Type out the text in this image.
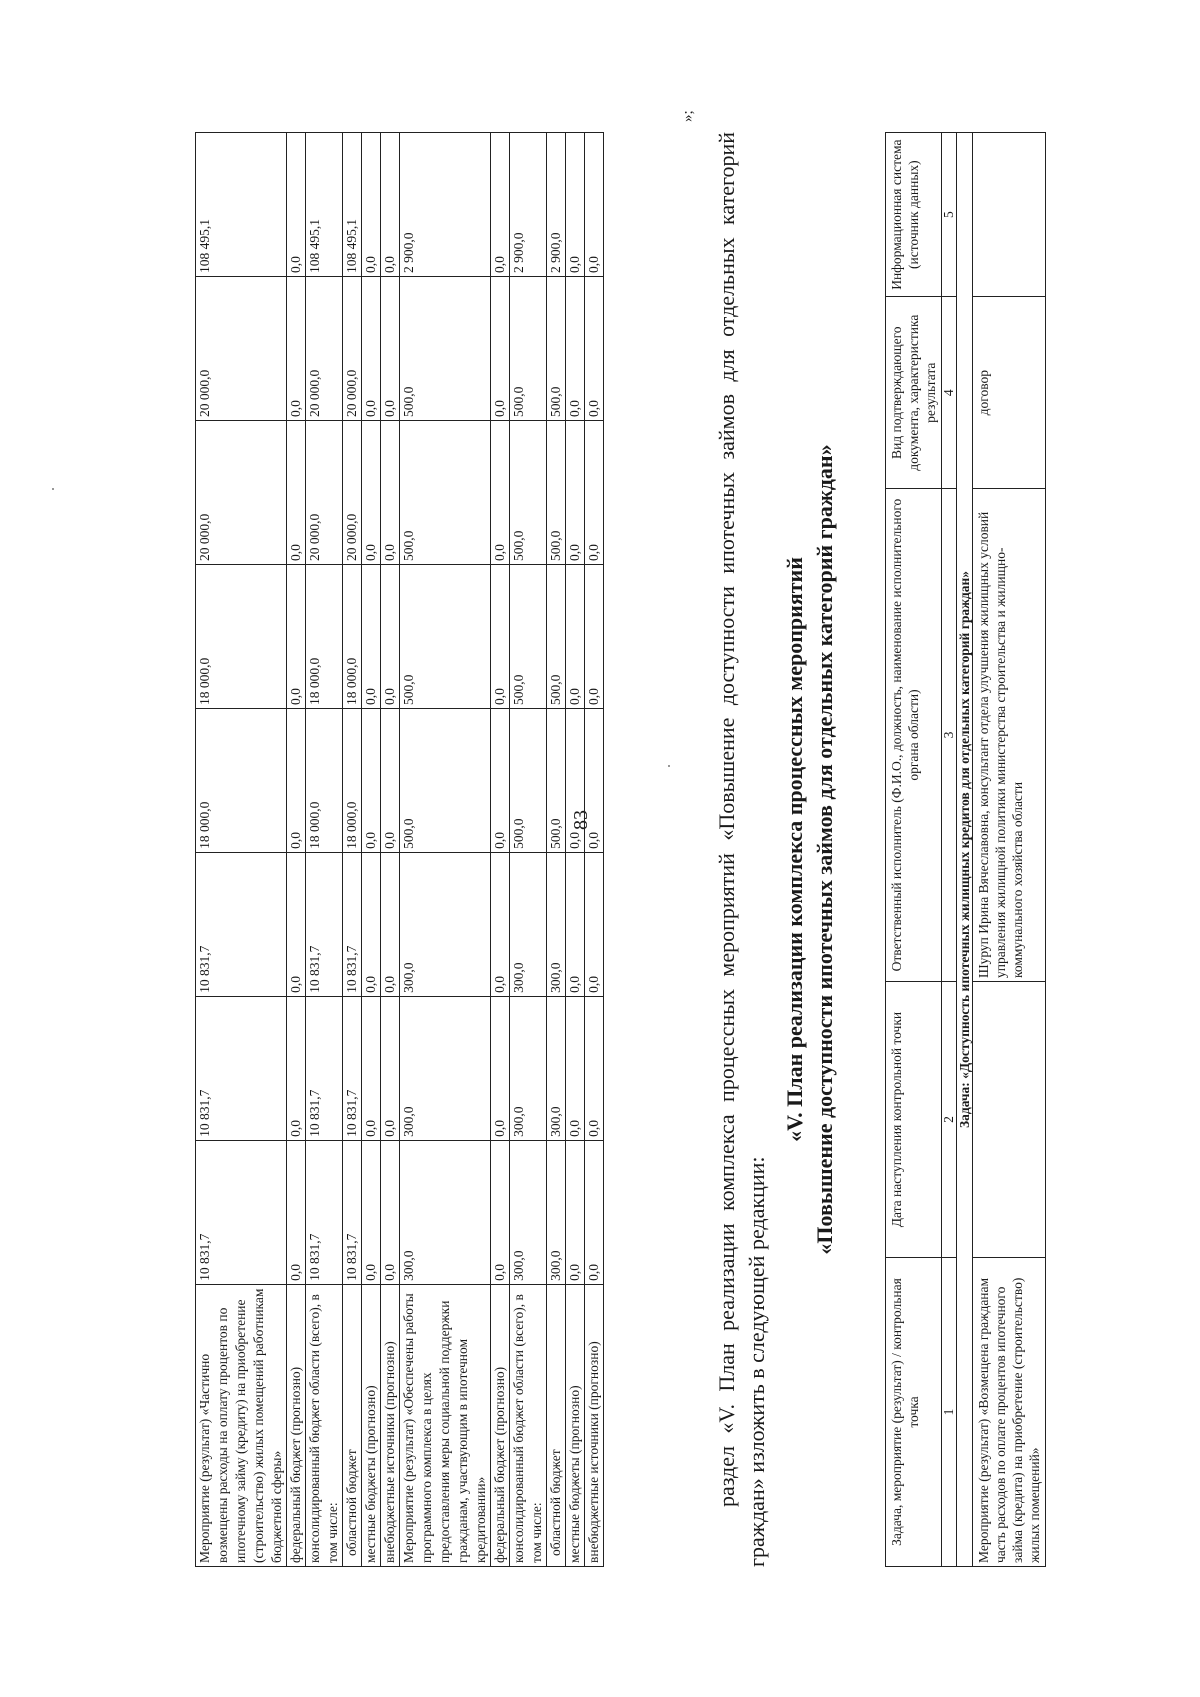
83
Мероприятие (результат) «Частично возмещены расходы на оплату процентов по ипотечному займу (кредиту) на приобретение (строительство) жилых помещений работникам бюджетной сферы»	10 831,7	10 831,7	10 831,7	18 000,0	18 000,0	20 000,0	20 000,0	108 495,1
федеральный бюджет (прогнозно)	0,0	0,0	0,0	0,0	0,0	0,0	0,0	0,0
консолидированный бюджет области (всего), в том числе:	10 831,7	10 831,7	10 831,7	18 000,0	18 000,0	20 000,0	20 000,0	108 495,1
областной бюджет	10 831,7	10 831,7	10 831,7	18 000,0	18 000,0	20 000,0	20 000,0	108 495,1
местные бюджеты (прогнозно)	0,0	0,0	0,0	0,0	0,0	0,0	0,0	0,0
внебюджетные источники (прогнозно)	0,0	0,0	0,0	0,0	0,0	0,0	0,0	0,0
Мероприятие (результат) «Обеспечены работы программного комплекса в целях предоставления меры социальной поддержки гражданам, участвующим в ипотечном кредитовании»	300,0	300,0	300,0	500,0	500,0	500,0	500,0	2 900,0
федеральный бюджет (прогнозно)	0,0	0,0	0,0	0,0	0,0	0,0	0,0	0,0
консолидированный бюджет области (всего), в том числе:	300,0	300,0	300,0	500,0	500,0	500,0	500,0	2 900,0
областной бюджет	300,0	300,0	300,0	500,0	500,0	500,0	500,0	2 900,0
местные бюджеты (прогнозно)	0,0	0,0	0,0	0,0	0,0	0,0	0,0	0,0
внебюджетные источники (прогнозно)	0,0	0,0	0,0	0,0	0,0	0,0	0,0	0,0
»;

раздел «V. План реализации комплекса процессных мероприятий «Повышение доступности ипотечных займов для отдельных категорий граждан» изложить в следующей редакции:

«V. План реализации комплекса процессных мероприятий «Повышение доступности ипотечных займов для отдельных категорий граждан»
Задача, мероприятие (результат) / контрольная точка	Дата наступления контрольной точки	Ответственный исполнитель (Ф.И.О., должность, наименование исполнительного органа области)	Вид подтверждающего документа, характеристика результата	Информационная система (источник данных)
1	2	3	4	5
Задача: «Доступность ипотечных жилищных кредитов для отдельных категорий граждан»				
Мероприятие (результат) «Возмещена гражданам часть расходов по оплате процентов ипотечного займа (кредита) на приобретение (строительство) жилых помещений»		Шуруп Ирина Вячеславовна, консультант отдела улучшения жилищных условий управления жилищной политики министерства строительства и жилищно-коммунального хозяйства области	договор	
